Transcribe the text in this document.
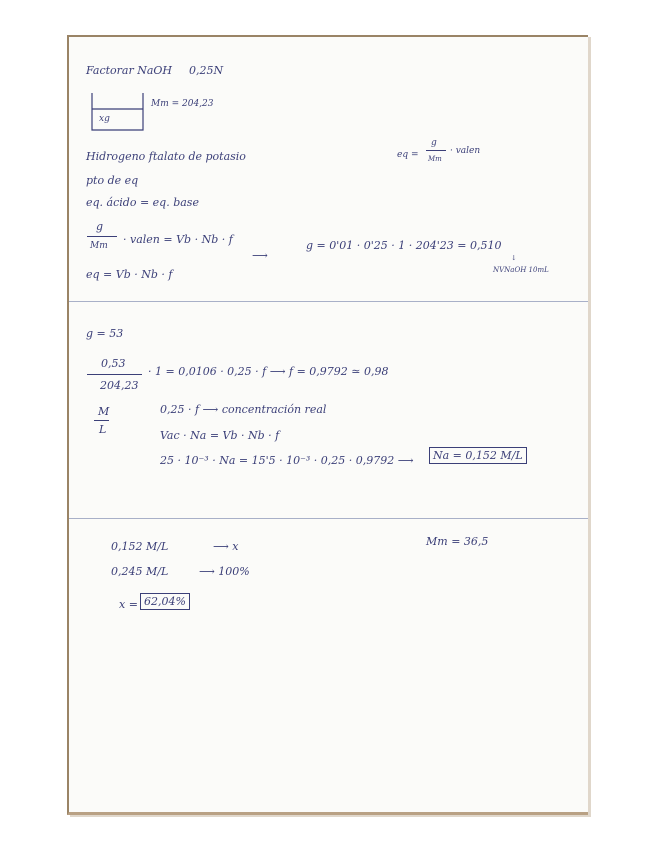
Factorar NaOH 0,25N
xg
Mm = 204,23
Hidrogeno ftalato de potasio	eq =
g
Mm
· valen
pto de eq
eq. ácido = eq. base
g
Mm · valen = Vb · Nb · f
⟶
g = 0'01 · 0'25 · 1 · 204'23 = 0,510
↓
NVNaOH 10mL
eq = Vb · Nb · f
g = 53
0,53
204,23
· 1 = 0,0106 · 0,25 · f ⟶ f = 0,9792 ≃ 0,98
M
L
0,25 · f ⟶ concentración real
Vac · Na = Vb · Nb · f
25 · 10⁻³ · Na = 15'5 · 10⁻³ · 0,25 · 0,9792 ⟶	Na = 0,152 M/L
0,152 M/L	⟶ x	Mm = 36,5
0,245 M/L	⟶ 100%
x = 62,04%
